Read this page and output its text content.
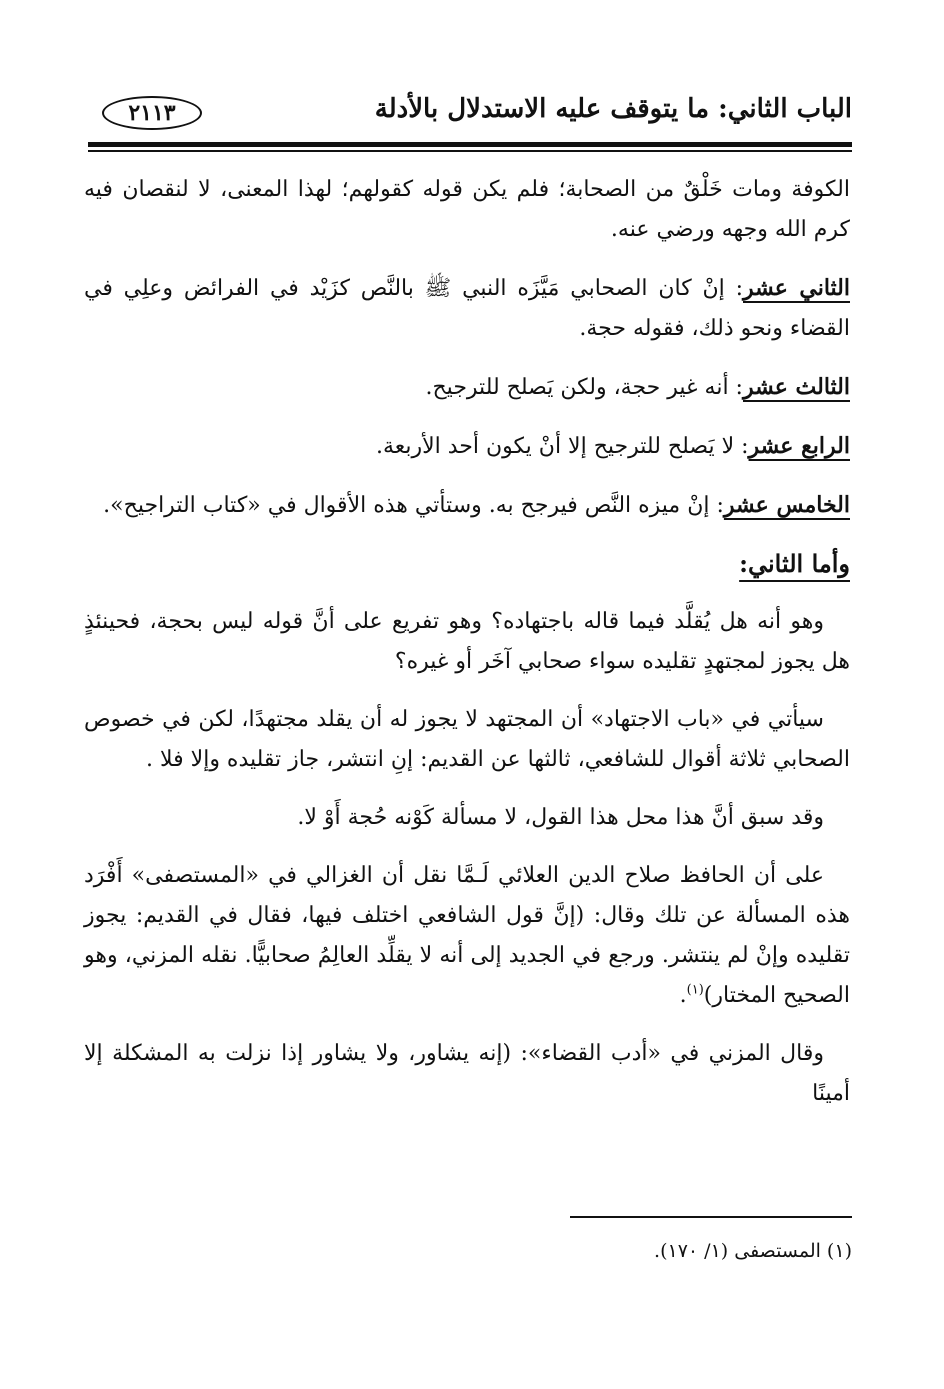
الباب الثاني: ما يتوقف عليه الاستدلال بالأدلة
٢١١٣

الكوفة ومات خَلْقٌ من الصحابة؛ فلم يكن قوله كقولهم؛ لهذا المعنى، لا لنقصان فيه كرم الله وجهه ورضي عنه.

الثاني عشر: إنْ كان الصحابي مَيَّزَه النبي ﷺ بالنَّص كزَيْد في الفرائض وعلِي في القضاء ونحو ذلك، فقوله حجة.

الثالث عشر: أنه غير حجة، ولكن يَصلح للترجيح.

الرابع عشر: لا يَصلح للترجيح إلا أنْ يكون أحد الأربعة.

الخامس عشر: إنْ ميزه النَّص فيرجح به. وستأتي هذه الأقوال في «كتاب التراجيح».

وأما الثاني:

وهو أنه هل يُقلَّد فيما قاله باجتهاده؟ وهو تفريع على أنَّ قوله ليس بحجة، فحينئذٍ هل يجوز لمجتهدٍ تقليده سواء صحابي آخَر أو غيره؟

سيأتي في «باب الاجتهاد» أن المجتهد لا يجوز له أن يقلد مجتهدًا، لكن في خصوص الصحابي ثلاثة أقوال للشافعي، ثالثها عن القديم: إنِ انتشر، جاز تقليده وإلا فلا .

وقد سبق أنَّ هذا محل هذا القول، لا مسألة كَوْنه حُجة أَوْ لا.

على أن الحافظ صلاح الدين العلائي لَـمَّا نقل أن الغزالي في «المستصفى» أَفْرَد هذه المسألة عن تلك وقال: (إنَّ قول الشافعي اختلف فيها، فقال في القديم: يجوز تقليده وإنْ لم ينتشر. ورجع في الجديد إلى أنه لا يقلِّد العالِمُ صحابيًّا. نقله المزني، وهو الصحيح المختار)$^{(١)}$.

وقال المزني في «أدب القضاء»: (إنه يشاور، ولا يشاور إذا نزلت به المشكلة إلا أمينًا

(١) المستصفى (١/ ١٧٠).
